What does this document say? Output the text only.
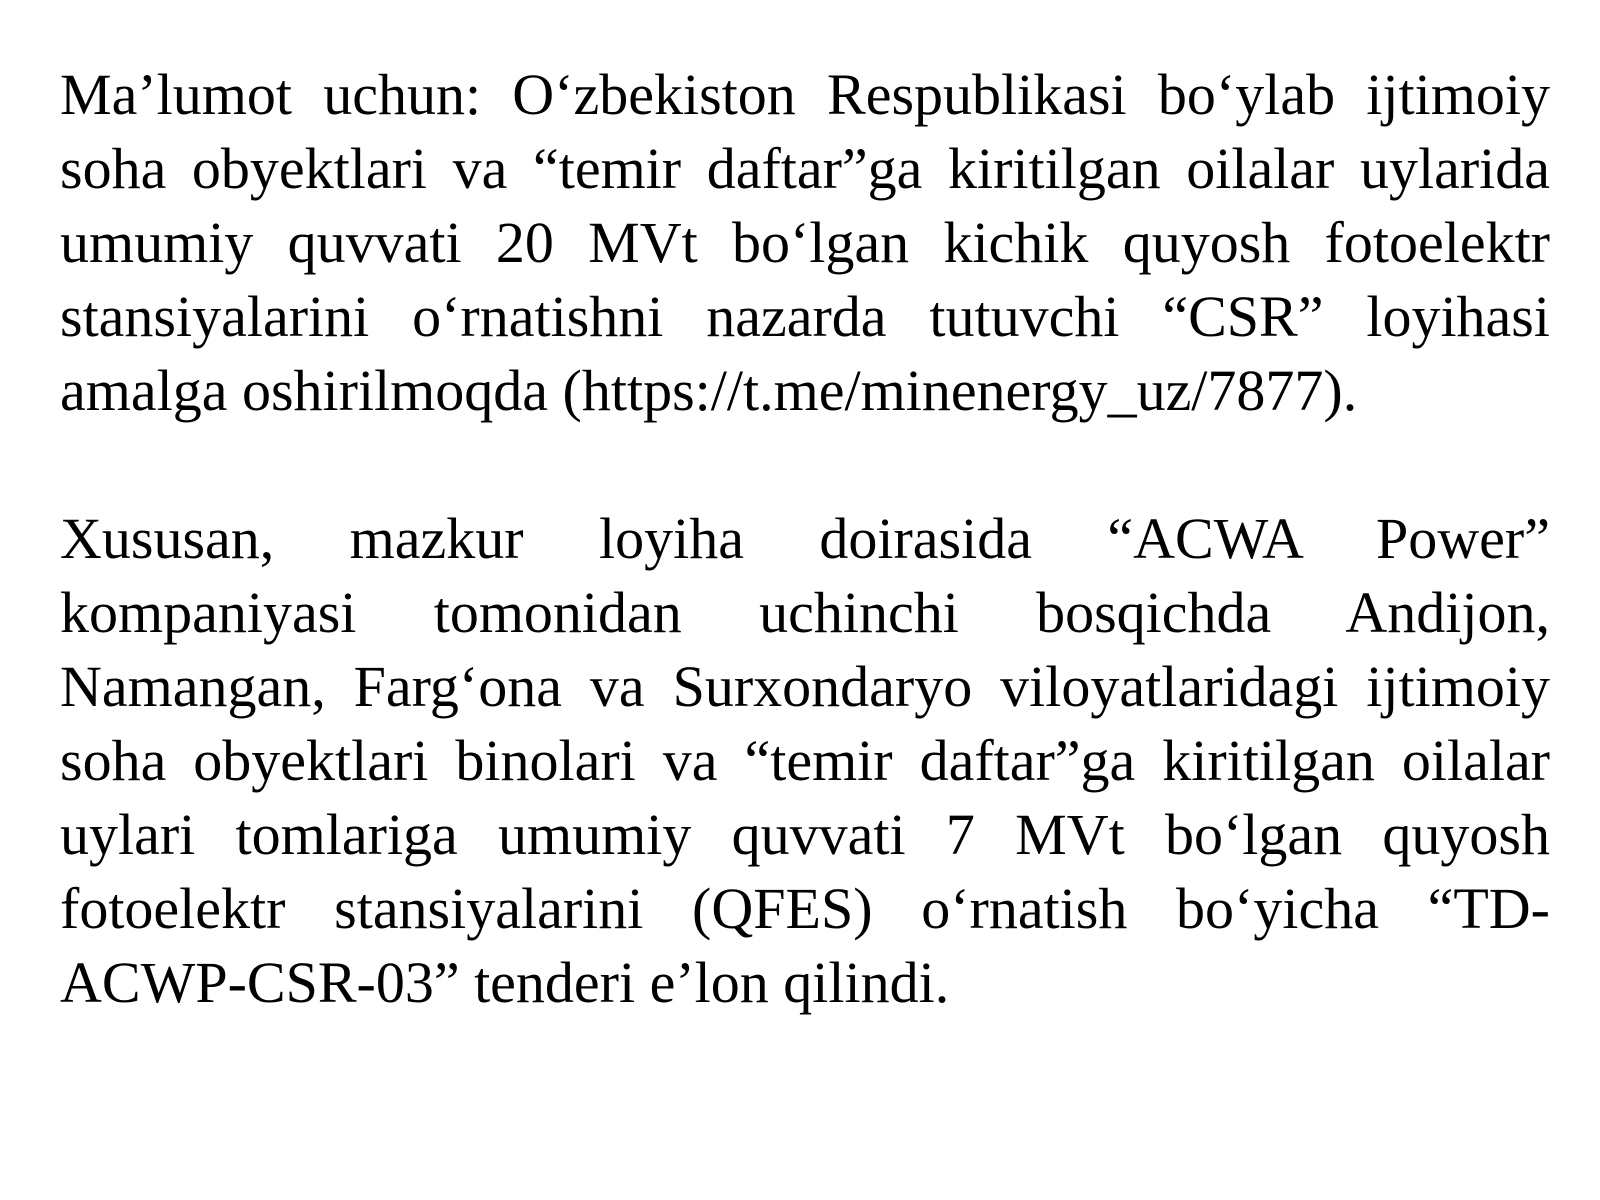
Ma’lumot uchun: O‘zbekiston Respublikasi bo‘ylab ijtimoiy soha obyektlari va “temir daftar”ga kiritilgan oilalar uylarida umumiy quvvati 20 MVt bo‘lgan kichik quyosh fotoelektr stansiyalarini o‘rnatishni nazarda tutuvchi “CSR” loyihasi amalga oshirilmoqda (https://t.me/minenergy_uz/7877).

Xususan, mazkur loyiha doirasida “ACWA Power” kompaniyasi tomonidan uchinchi bosqichda Andijon, Namangan, Farg‘ona va Surxondaryo viloyatlaridagi ijtimoiy soha obyektlari binolari va “temir daftar”ga kiritilgan oilalar uylari tomlariga umumiy quvvati 7 MVt bo‘lgan quyosh fotoelektr stansiyalarini (QFES) o‘rnatish bo‘yicha “TD-ACWP-CSR-03” tenderi e’lon qilindi.
